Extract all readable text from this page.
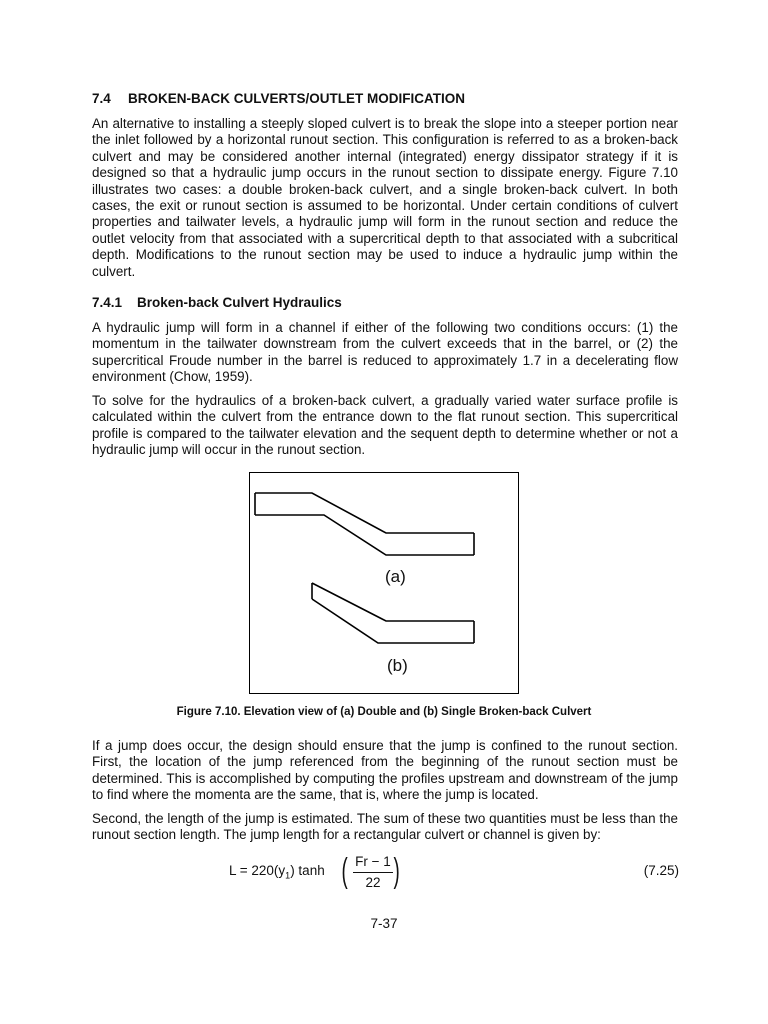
7.4 BROKEN-BACK CULVERTS/OUTLET MODIFICATION

An alternative to installing a steeply sloped culvert is to break the slope into a steeper portion near the inlet followed by a horizontal runout section. This configuration is referred to as a broken-back culvert and may be considered another internal (integrated) energy dissipator strategy if it is designed so that a hydraulic jump occurs in the runout section to dissipate energy. Figure 7.10 illustrates two cases: a double broken-back culvert, and a single broken-back culvert. In both cases, the exit or runout section is assumed to be horizontal. Under certain conditions of culvert properties and tailwater levels, a hydraulic jump will form in the runout section and reduce the outlet velocity from that associated with a supercritical depth to that associated with a subcritical depth. Modifications to the runout section may be used to induce a hydraulic jump within the culvert.

7.4.1 Broken-back Culvert Hydraulics

A hydraulic jump will form in a channel if either of the following two conditions occurs: (1) the momentum in the tailwater downstream from the culvert exceeds that in the barrel, or (2) the supercritical Froude number in the barrel is reduced to approximately 1.7 in a decelerating flow environment (Chow, 1959).

To solve for the hydraulics of a broken-back culvert, a gradually varied water surface profile is calculated within the culvert from the entrance down to the flat runout section. This supercritical profile is compared to the tailwater elevation and the sequent depth to determine whether or not a hydraulic jump will occur in the runout section.

(a)
(b)
Figure 7.10. Elevation view of (a) Double and (b) Single Broken-back Culvert

If a jump does occur, the design should ensure that the jump is confined to the runout section. First, the location of the jump referenced from the beginning of the runout section must be determined. This is accomplished by computing the profiles upstream and downstream of the jump to find where the momenta are the same, that is, where the jump is located.

Second, the length of the jump is estimated. The sum of these two quantities must be less than the runout section length. The jump length for a rectangular culvert or channel is given by:

$L = 220(y_1)$ tanh ( Fr − 1
22 )	(7.25)
7-37
